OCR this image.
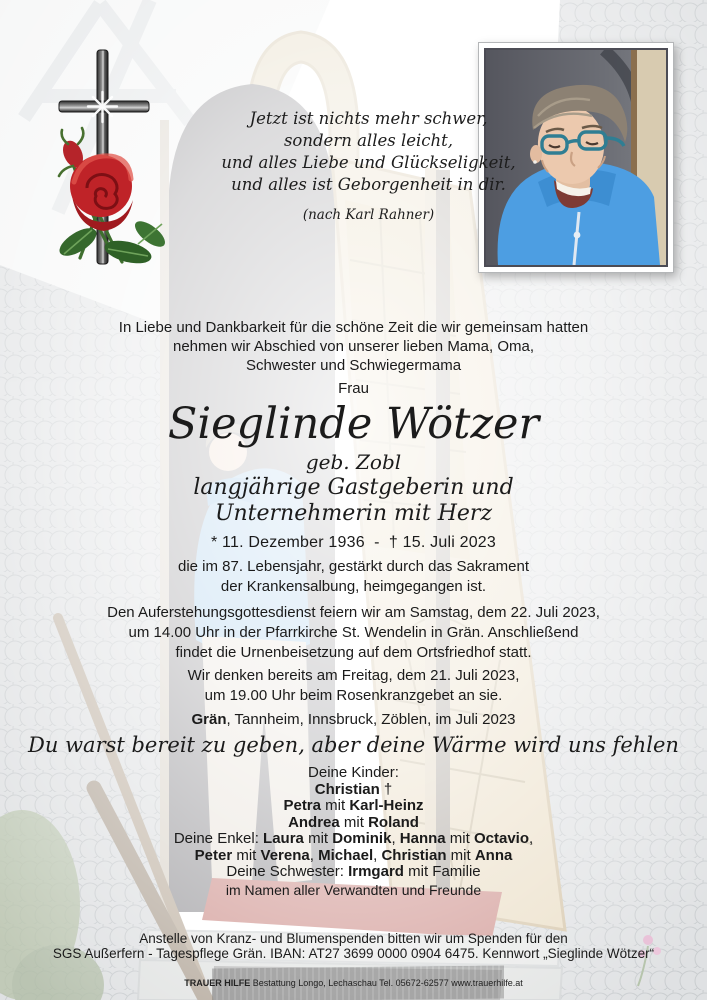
Jetzt ist nichts mehr schwer,
sondern alles leicht,
und alles Liebe und Glückseligkeit,
und alles ist Geborgenheit in dir.
(nach Karl Rahner)
In Liebe und Dankbarkeit für die schöne Zeit die wir gemeinsam hatten
nehmen wir Abschied von unserer lieben Mama, Oma,
Schwester und Schwiegermama
Frau
Sieglinde Wötzer
geb. Zobl
langjährige Gastgeberin und
Unternehmerin mit Herz
* 11. Dezember 1936  -  † 15. Juli 2023
die im 87. Lebensjahr, gestärkt durch das Sakrament
der Krankensalbung, heimgegangen ist.
Den Auferstehungsgottesdienst feiern wir am Samstag, dem 22. Juli 2023,
um 14.00 Uhr in der Pfarrkirche St. Wendelin in Grän. Anschließend
findet die Urnenbeisetzung auf dem Ortsfriedhof statt.
Wir denken bereits am Freitag, dem 21. Juli 2023,
um 19.00 Uhr beim Rosenkranzgebet an sie.
Grän, Tannheim, Innsbruck, Zöblen, im Juli 2023
Du warst bereit zu geben, aber deine Wärme wird uns fehlen
Deine Kinder:
Christian †
Petra mit Karl-Heinz
Andrea mit Roland
Deine Enkel: Laura mit Dominik, Hanna mit Octavio,
Peter mit Verena, Michael, Christian mit Anna
Deine Schwester: Irmgard mit Familie
im Namen aller Verwandten und Freunde
Anstelle von Kranz- und Blumenspenden bitten wir um Spenden für den
SGS Außerfern - Tagespflege Grän. IBAN: AT27 3699 0000 0904 6475. Kennwort „Sieglinde Wötzer“
TRAUER HILFE Bestattung Longo, Lechaschau Tel. 05672-62577 www.trauerhilfe.at
